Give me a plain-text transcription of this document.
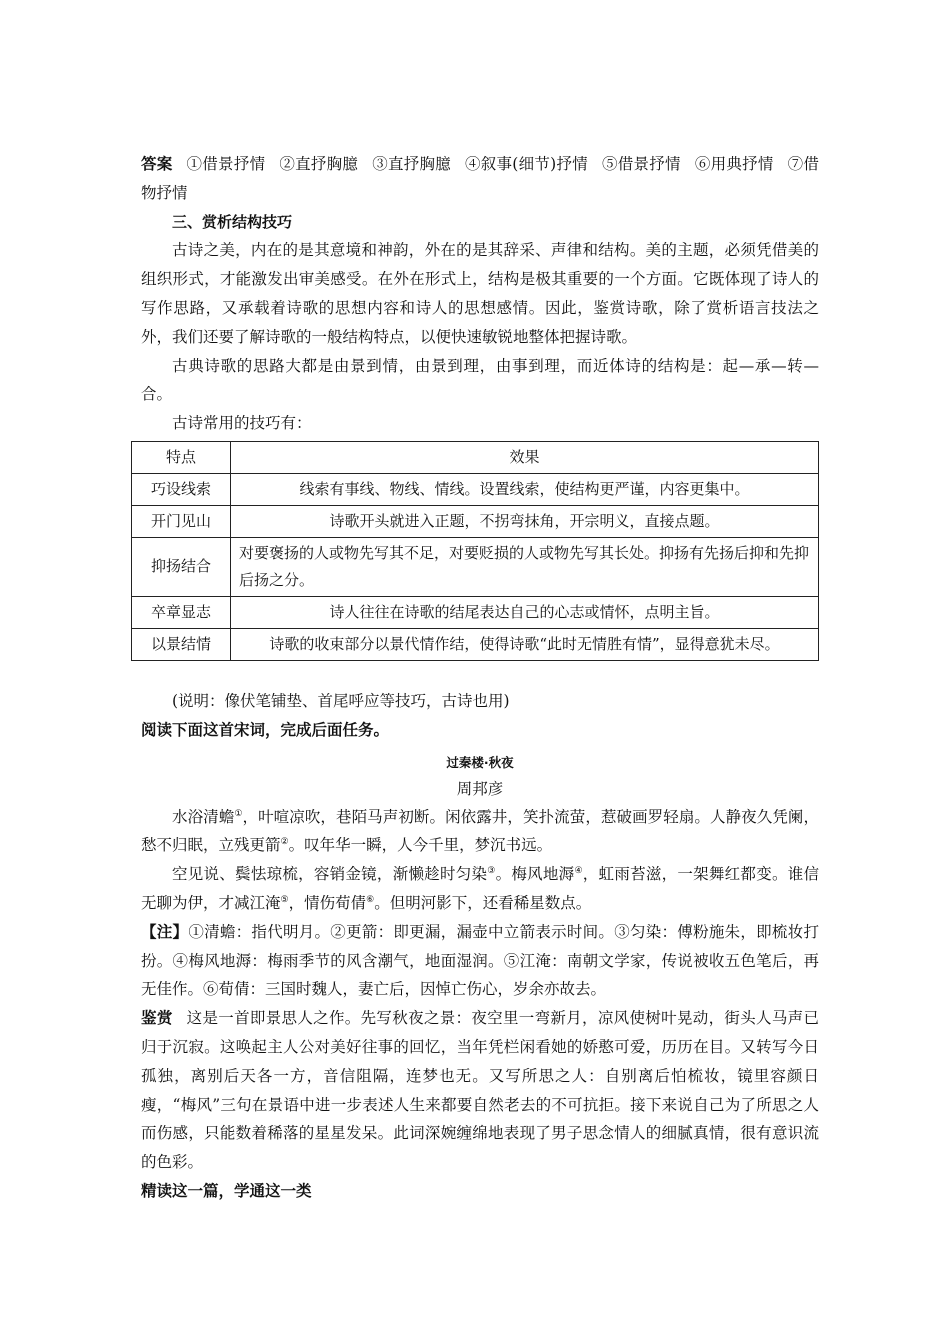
答案 ①借景抒情 ②直抒胸臆 ③直抒胸臆 ④叙事(细节)抒情 ⑤借景抒情 ⑥用典抒情 ⑦借物抒情

三、赏析结构技巧

古诗之美，内在的是其意境和神韵，外在的是其辞采、声律和结构。美的主题，必须凭借美的组织形式，才能激发出审美感受。在外在形式上，结构是极其重要的一个方面。它既体现了诗人的写作思路，又承载着诗歌的思想内容和诗人的思想感情。因此，鉴赏诗歌，除了赏析语言技法之外，我们还要了解诗歌的一般结构特点，以便快速敏锐地整体把握诗歌。

古典诗歌的思路大都是由景到情，由景到理，由事到理，而近体诗的结构是：起—承—转—合。

古诗常用的技巧有：

特点	效果
巧设线索	线索有事线、物线、情线。设置线索，使结构更严谨，内容更集中。
开门见山	诗歌开头就进入正题，不拐弯抹角，开宗明义，直接点题。
抑扬结合	对要褒扬的人或物先写其不足，对要贬损的人或物先写其长处。抑扬有先扬后抑和先抑后扬之分。
卒章显志	诗人往往在诗歌的结尾表达自己的心志或情怀，点明主旨。
以景结情	诗歌的收束部分以景代情作结，使得诗歌“此时无情胜有情”，显得意犹未尽。

(说明：像伏笔铺垫、首尾呼应等技巧，古诗也用)

阅读下面这首宋词，完成后面任务。

过秦楼·秋夜

周邦彦

水浴清蟾①，叶喧凉吹，巷陌马声初断。闲依露井，笑扑流萤，惹破画罗轻扇。人静夜久凭阑，愁不归眠，立残更箭②。叹年华一瞬，人今千里，梦沉书远。

空见说、鬓怯琼梳，容销金镜，渐懒趁时匀染③。梅风地溽④，虹雨苔滋，一架舞红都变。谁信无聊为伊，才减江淹⑤，情伤荀倩⑥。但明河影下，还看稀星数点。

【注】①清蟾：指代明月。②更箭：即更漏，漏壶中立箭表示时间。③匀染：傅粉施朱，即梳妆打扮。④梅风地溽：梅雨季节的风含潮气，地面湿润。⑤江淹：南朝文学家，传说被收五色笔后，再无佳作。⑥荀倩：三国时魏人，妻亡后，因悼亡伤心，岁余亦故去。

鉴赏 这是一首即景思人之作。先写秋夜之景：夜空里一弯新月，凉风使树叶晃动，街头人马声已归于沉寂。这唤起主人公对美好往事的回忆，当年凭栏闲看她的娇憨可爱，历历在目。又转写今日孤独，离别后天各一方，音信阻隔，连梦也无。又写所思之人：自别离后怕梳妆，镜里容颜日瘦，“梅风”三句在景语中进一步表述人生来都要自然老去的不可抗拒。接下来说自己为了所思之人而伤感，只能数着稀落的星星发呆。此词深婉缠绵地表现了男子思念情人的细腻真情，很有意识流的色彩。

精读这一篇，学通这一类
